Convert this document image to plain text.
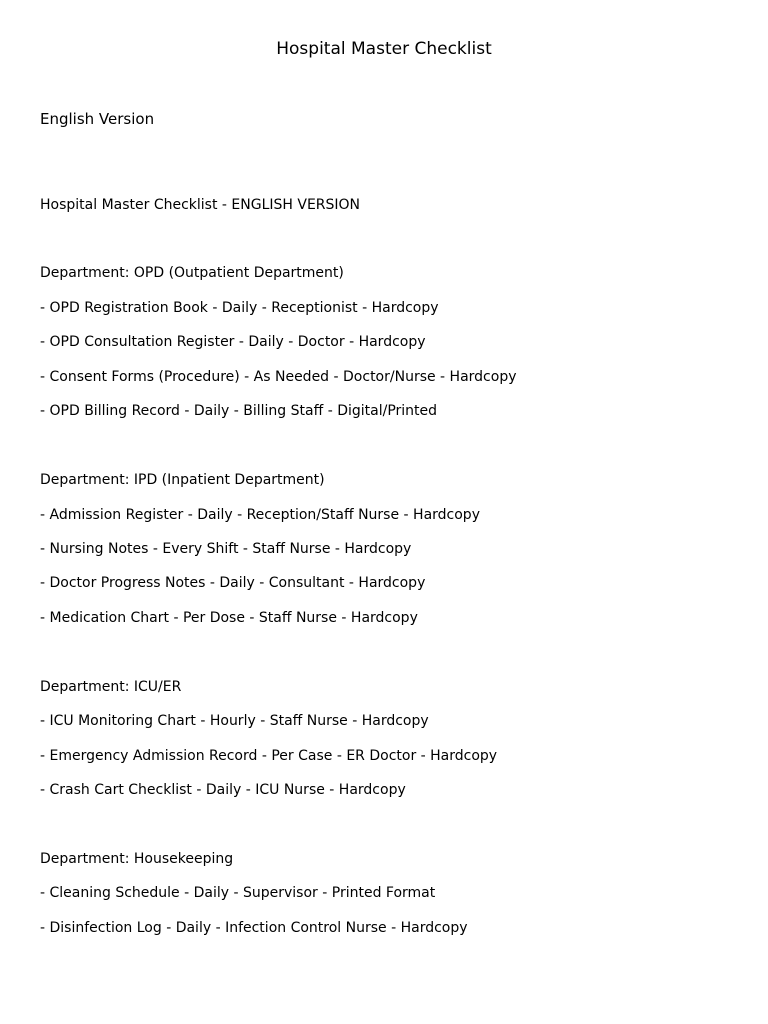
Hospital Master Checklist
English Version
Hospital Master Checklist - ENGLISH VERSION
Department: OPD (Outpatient Department)
- OPD Registration Book - Daily - Receptionist - Hardcopy
- OPD Consultation Register - Daily - Doctor - Hardcopy
- Consent Forms (Procedure) - As Needed - Doctor/Nurse - Hardcopy
- OPD Billing Record - Daily - Billing Staff - Digital/Printed
Department: IPD (Inpatient Department)
- Admission Register - Daily - Reception/Staff Nurse - Hardcopy
- Nursing Notes - Every Shift - Staff Nurse - Hardcopy
- Doctor Progress Notes - Daily - Consultant - Hardcopy
- Medication Chart - Per Dose - Staff Nurse - Hardcopy
Department: ICU/ER
- ICU Monitoring Chart - Hourly - Staff Nurse - Hardcopy
- Emergency Admission Record - Per Case - ER Doctor - Hardcopy
- Crash Cart Checklist - Daily - ICU Nurse - Hardcopy
Department: Housekeeping
- Cleaning Schedule - Daily - Supervisor - Printed Format
- Disinfection Log - Daily - Infection Control Nurse - Hardcopy
